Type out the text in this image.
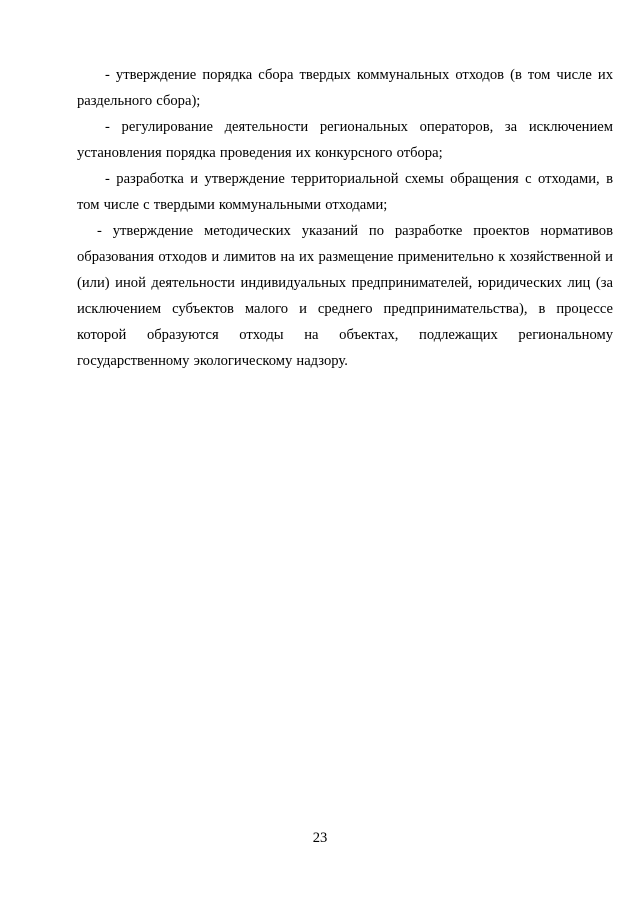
- утверждение порядка сбора твердых коммунальных отходов (в том числе их раздельного сбора);

- регулирование деятельности региональных операторов, за исключением установления порядка проведения их конкурсного отбора;

- разработка и утверждение территориальной схемы обращения с отходами, в том числе с твердыми коммунальными отходами;

- утверждение методических указаний по разработке проектов нормативов образования отходов и лимитов на их размещение применительно к хозяйственной и (или) иной деятельности индивидуальных предпринимателей, юридических лиц (за исключением субъектов малого и среднего предпринимательства), в процессе которой образуются отходы на объектах, подлежащих региональному государственному экологическому надзору.

23
